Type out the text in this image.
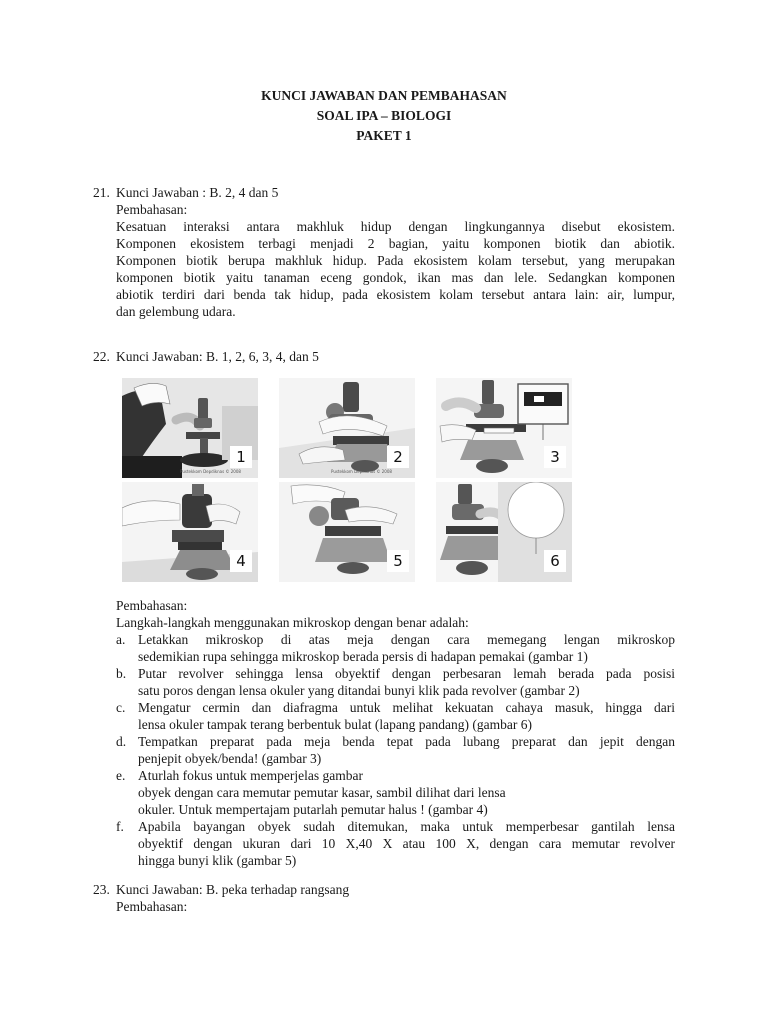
KUNCI JAWABAN DAN PEMBAHASAN
SOAL IPA – BIOLOGI
PAKET 1
21. Kunci Jawaban : B. 2, 4 dan 5
Pembahasan:

Kesatuan interaksi antara makhluk hidup dengan lingkungannya disebut ekosistem.

Komponen ekosistem terbagi menjadi 2 bagian, yaitu komponen biotik dan abiotik.

Komponen biotik berupa makhluk hidup. Pada ekosistem kolam tersebut, yang merupakan

komponen biotik yaitu tanaman eceng gondok, ikan mas dan lele. Sedangkan komponen

abiotik terdiri dari benda tak hidup, pada ekosistem kolam tersebut antara lain: air, lumpur,

dan gelembung udara.

22. Kunci Jawaban: B. 1, 2, 6, 3, 4, dan 5
1
Pustekkom Depdiknas © 2008
2
Pustekkom Depdiknas © 2008
3
4	5	6
Pembahasan:
Langkah-langkah menggunakan mikroskop dengan benar adalah:
a. Letakkan mikroskop di atas meja dengan cara memegang lengan mikroskop

sedemikian rupa sehingga mikroskop berada persis di hadapan pemakai (gambar 1)

b. Putar revolver sehingga lensa obyektif dengan perbesaran lemah berada pada posisi

satu poros dengan lensa okuler yang ditandai bunyi klik pada revolver (gambar 2)

c. Mengatur cermin dan diafragma untuk melihat kekuatan cahaya masuk, hingga dari

lensa okuler tampak terang berbentuk bulat (lapang pandang) (gambar 6)

d. Tempatkan preparat pada meja benda tepat pada lubang preparat dan jepit dengan

penjepit obyek/benda! (gambar 3)

e. Aturlah fokus untuk memperjelas gambar

obyek dengan cara memutar pemutar kasar, sambil dilihat dari lensa

okuler. Untuk mempertajam putarlah pemutar halus ! (gambar 4)

f. Apabila bayangan obyek sudah ditemukan, maka untuk memperbesar gantilah lensa

obyektif dengan ukuran dari 10 X,40 X atau 100 X, dengan cara memutar revolver

hingga bunyi klik (gambar 5)

23. Kunci Jawaban: B. peka terhadap rangsang
Pembahasan:
